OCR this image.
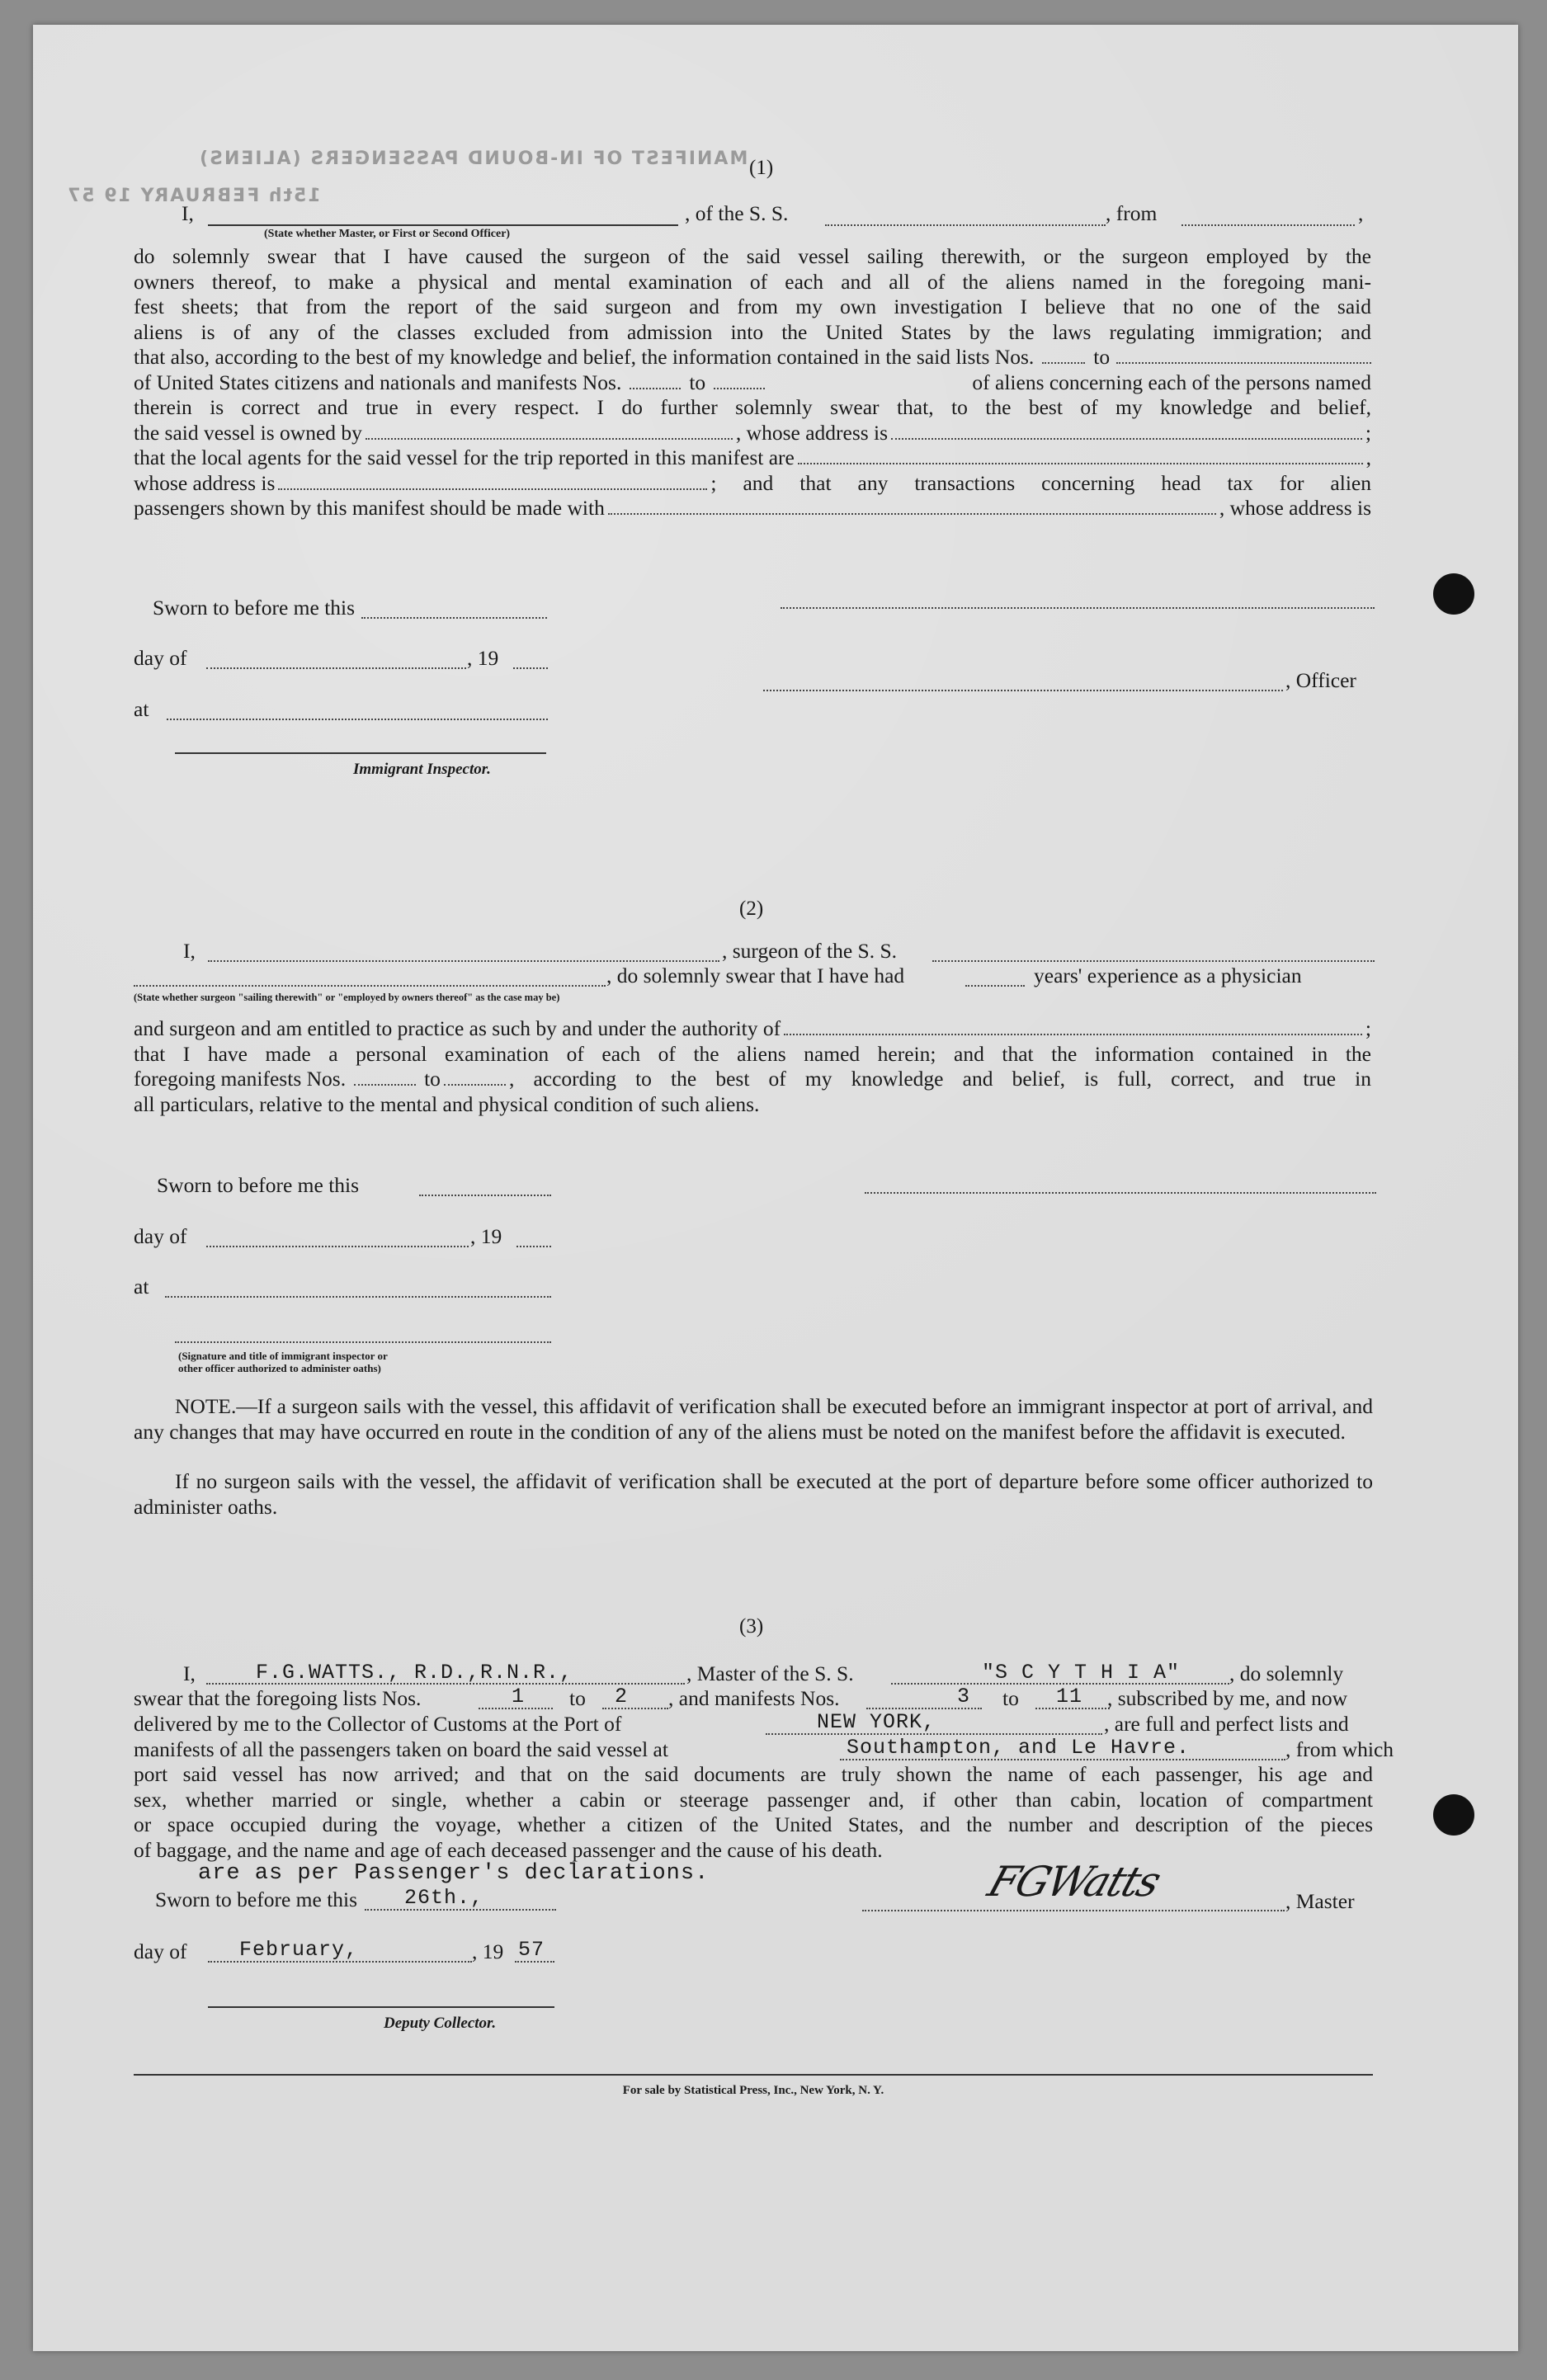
MANIFEST OF IN-BOUND PASSENGERS (ALIENS)
15th FEBRUARY 19 57
(1)
I,	, of the S. S.	, from	,
(State whether Master, or First or Second Officer)
do solemnly swear that I have caused the surgeon of the said vessel sailing therewith, or the surgeon employed by the
owners thereof, to make a physical and mental examination of each and all of the aliens named in the foregoing mani-
fest sheets; that from the report of the said surgeon and from my own investigation I believe that no one of the said
aliens is of any of the classes excluded from admission into the United States by the laws regulating immigration; and
that also, according to the best of my knowledge and belief, the information contained in the said lists Nos.	to
of United States citizens and nationals and manifests Nos.	to	of aliens concerning each of the persons named
therein is correct and true in every respect. I do further solemnly swear that, to the best of my knowledge and belief,
the said vessel is owned by	, whose address is	;
that the local agents for the said vessel for the trip reported in this manifest are	,
whose address is	; and that any transactions concerning head tax for alien
passengers shown by this manifest should be made with	, whose address is
Sworn to before me this
day of	, 19
at
Immigrant Inspector.
, Officer
(2)
I,	, surgeon of the S. S.
, do solemnly swear that I have had	years' experience as a physician
(State whether surgeon "sailing therewith" or "employed by owners thereof" as the case may be)
and surgeon and am entitled to practice as such by and under the authority of	;
that I have made a personal examination of each of the aliens named herein; and that the information contained in the
foregoing manifests Nos.	to	, according to the best of my knowledge and belief, is full, correct, and true in
all particulars, relative to the mental and physical condition of such aliens.
Sworn to before me this
day of	, 19
at
(Signature and title of immigrant inspector or other officer authorized to administer oaths)
NOTE.—If a surgeon sails with the vessel, this affidavit of verification shall be executed before an immigrant inspector at port of arrival, and any changes that may have occurred en route in the condition of any of the aliens must be noted on the manifest before the affidavit is executed.
If no surgeon sails with the vessel, the affidavit of verification shall be executed at the port of departure before some officer authorized to administer oaths.
(3)
I,	F.G.WATTS., R.D.,R.N.R.,	, Master of the S. S.	"S C Y T H I A" , do solemnly
swear that the foregoing lists Nos.	1 to 2 , and manifests Nos.	3 to 11 , subscribed by me, and now
delivered by me to the Collector of Customs at the Port of	NEW YORK,	, are full and perfect lists and
manifests of all the passengers taken on board the said vessel at	Southampton, and Le Havre.	, from which
port said vessel has now arrived; and that on the said documents are truly shown the name of each passenger, his age and
sex, whether married or single, whether a cabin or steerage passenger and, if other than cabin, location of compartment
or space occupied during the voyage, whether a citizen of the United States, and the number and description of the pieces
of baggage, and the name and age of each deceased passenger and the cause of his death.
are as per Passenger's declarations.
Sworn to before me this 26th.,
day of	February,	, 19 57
Deputy Collector.
FGWatts	, Master
For sale by Statistical Press, Inc., New York, N. Y.
